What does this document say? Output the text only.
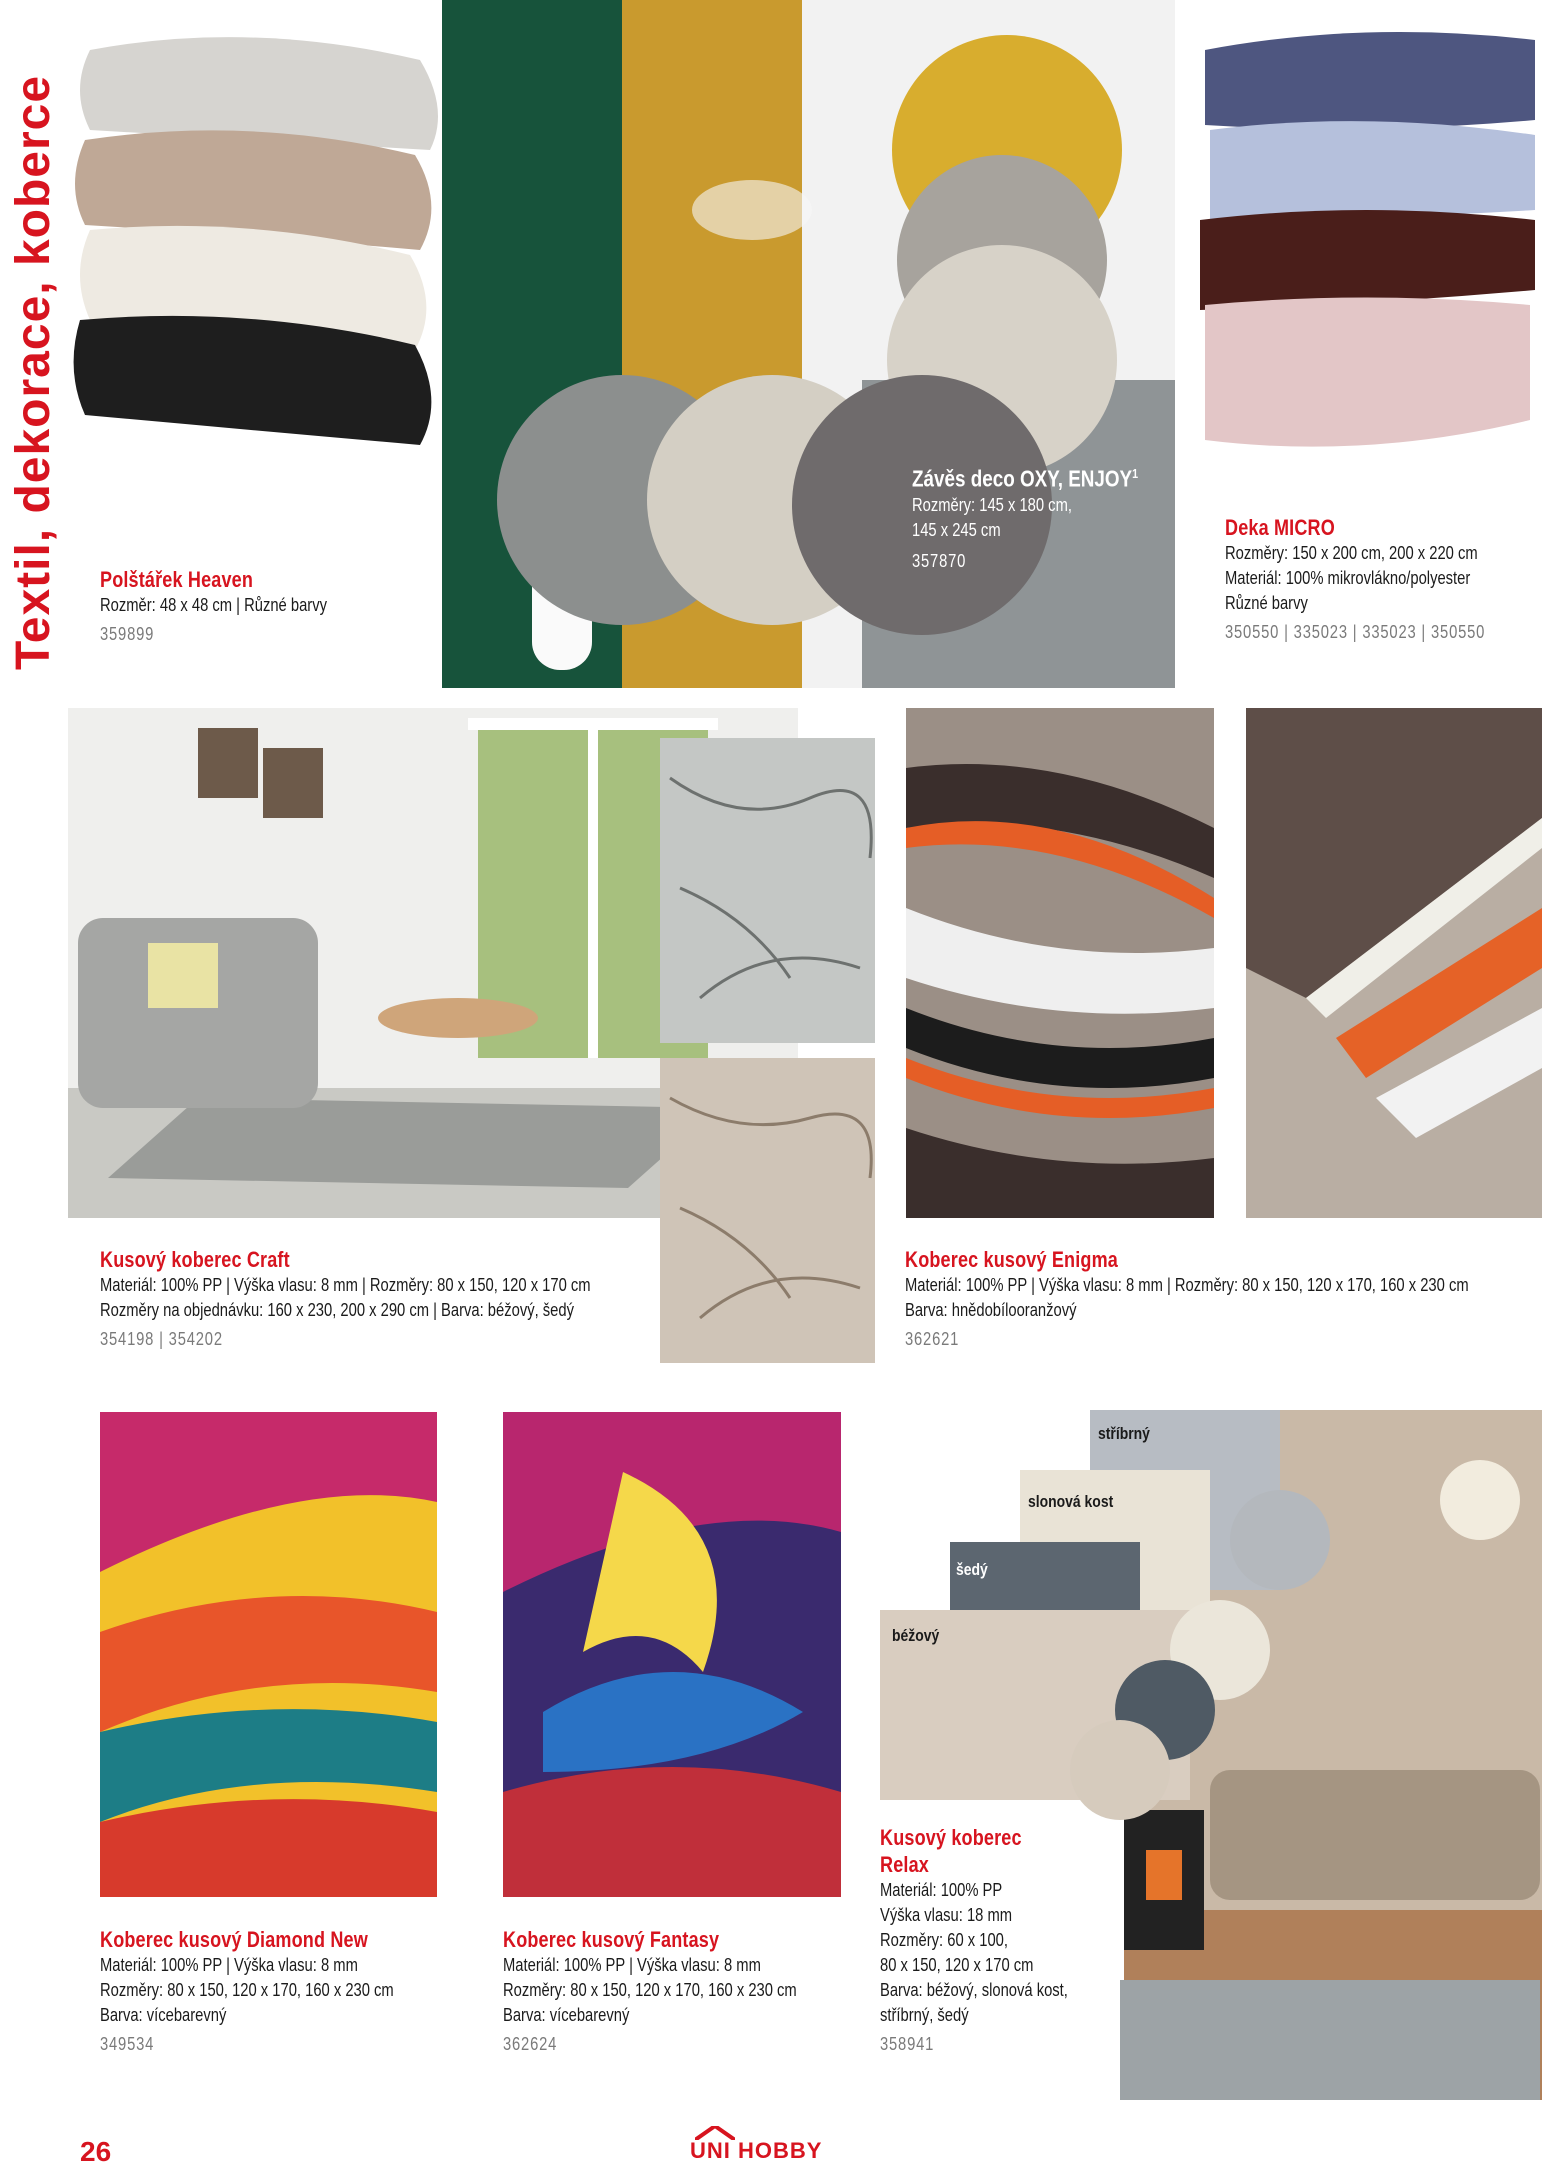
Textil, dekorace, koberce Polštářek Heaven
Rozměr: 48 x 48 cm | Různé barvy
359899
Závěs deco OXY, ENJOY$^1$
Rozměry: 145 x 180 cm,
145 x 245 cm
357870
Deka MICRO
Rozměry: 150 x 200 cm, 200 x 220 cm
Materiál: 100% mikrovlákno/polyester
Různé barvy
350550 | 335023 | 335023 | 350550
Kusový koberec Craft
Materiál: 100% PP | Výška vlasu: 8 mm | Rozměry: 80 x 150, 120 x 170 cm
Rozměry na objednávku: 160 x 230, 200 x 290 cm | Barva: béžový, šedý
354198 | 354202
Koberec kusový Enigma
Materiál: 100% PP | Výška vlasu: 8 mm | Rozměry: 80 x 150, 120 x 170, 160 x 230 cm
Barva: hnědobílooranžový
362621
stříbrný
slonová kost
šedý
béžový
Koberec kusový Diamond New
Materiál: 100% PP | Výška vlasu: 8 mm
Rozměry: 80 x 150, 120 x 170, 160 x 230 cm
Barva: vícebarevný
349534
Koberec kusový Fantasy
Materiál: 100% PP | Výška vlasu: 8 mm
Rozměry: 80 x 150, 120 x 170, 160 x 230 cm
Barva: vícebarevný
362624
Kusový koberec
Relax
Materiál: 100% PP
Výška vlasu: 18 mm
Rozměry: 60 x 100,
80 x 150, 120 x 170 cm
Barva: béžový, slonová kost,
stříbrný, šedý
358941
26	UNI HOBBY
